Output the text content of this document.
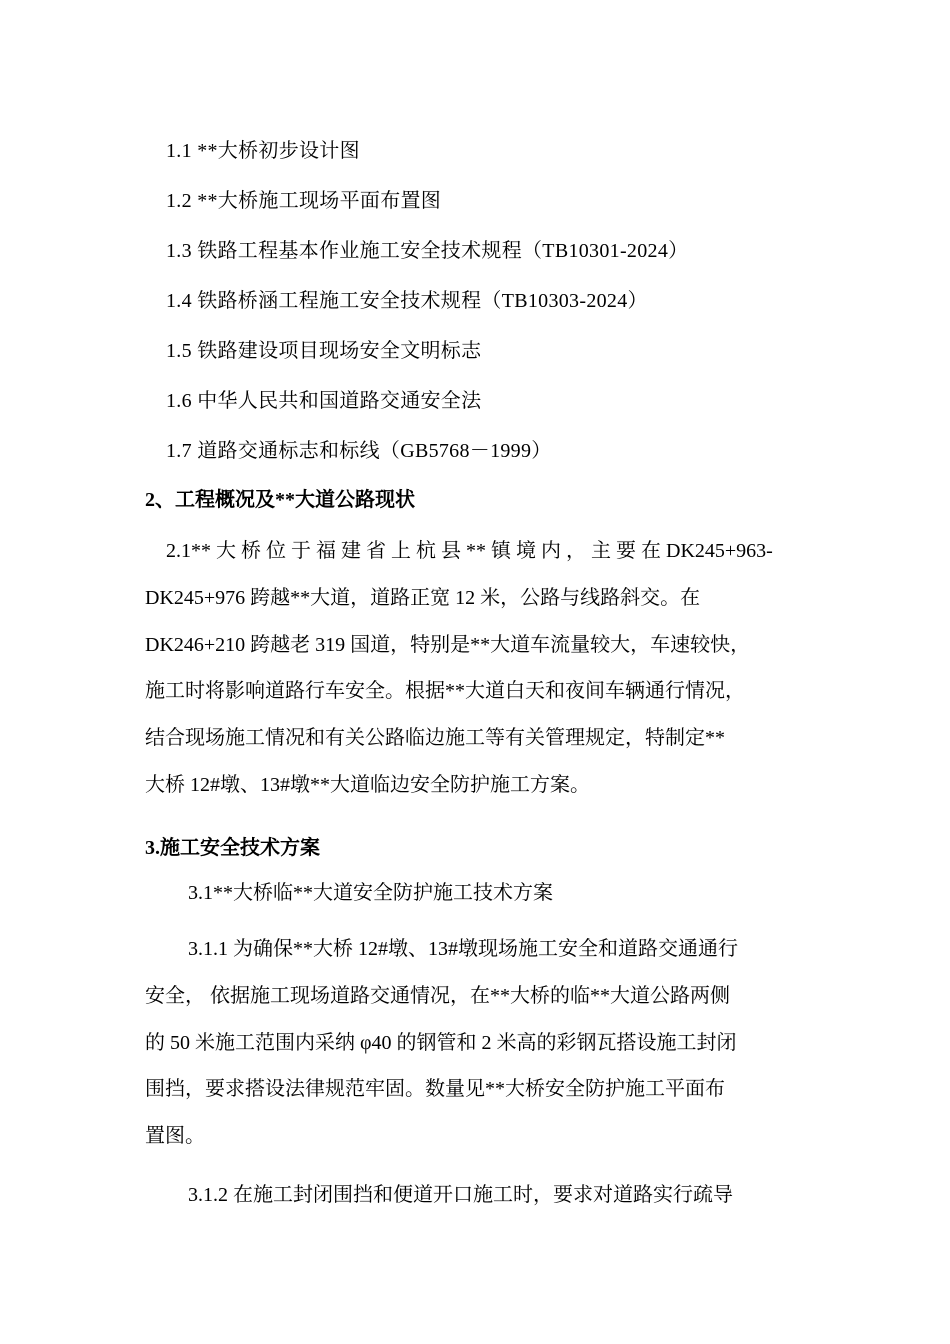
1.1 **大桥初步设计图
1.2 **大桥施工现场平面布置图
1.3 铁路工程基本作业施工安全技术规程（TB10301-2024）
1.4 铁路桥涵工程施工安全技术规程（TB10303-2024）
1.5 铁路建设项目现场安全文明标志
1.6 中华人民共和国道路交通安全法
1.7 道路交通标志和标线（GB5768－1999）
2、工程概况及**大道公路现状
2.1** 大 桥 位 于 福 建 省 上 杭 县 ** 镇 境 内 ， 主 要 在 DK245+963-
DK245+976 跨越**大道，道路正宽 12 米，公路与线路斜交。在
DK246+210 跨越老 319 国道，特别是**大道车流量较大，车速较快，
施工时将影响道路行车安全。根据**大道白天和夜间车辆通行情况，
结合现场施工情况和有关公路临边施工等有关管理规定，特制定**
大桥 12#墩、13#墩**大道临边安全防护施工方案。
3.施工安全技术方案
3.1**大桥临**大道安全防护施工技术方案
3.1.1 为确保**大桥 12#墩、13#墩现场施工安全和道路交通通行
安全， 依据施工现场道路交通情况，在**大桥的临**大道公路两侧
的 50 米施工范围内采纳 φ40 的钢管和 2 米高的彩钢瓦搭设施工封闭
围挡，要求搭设法律规范牢固。数量见**大桥安全防护施工平面布
置图。
3.1.2 在施工封闭围挡和便道开口施工时，要求对道路实行疏导
